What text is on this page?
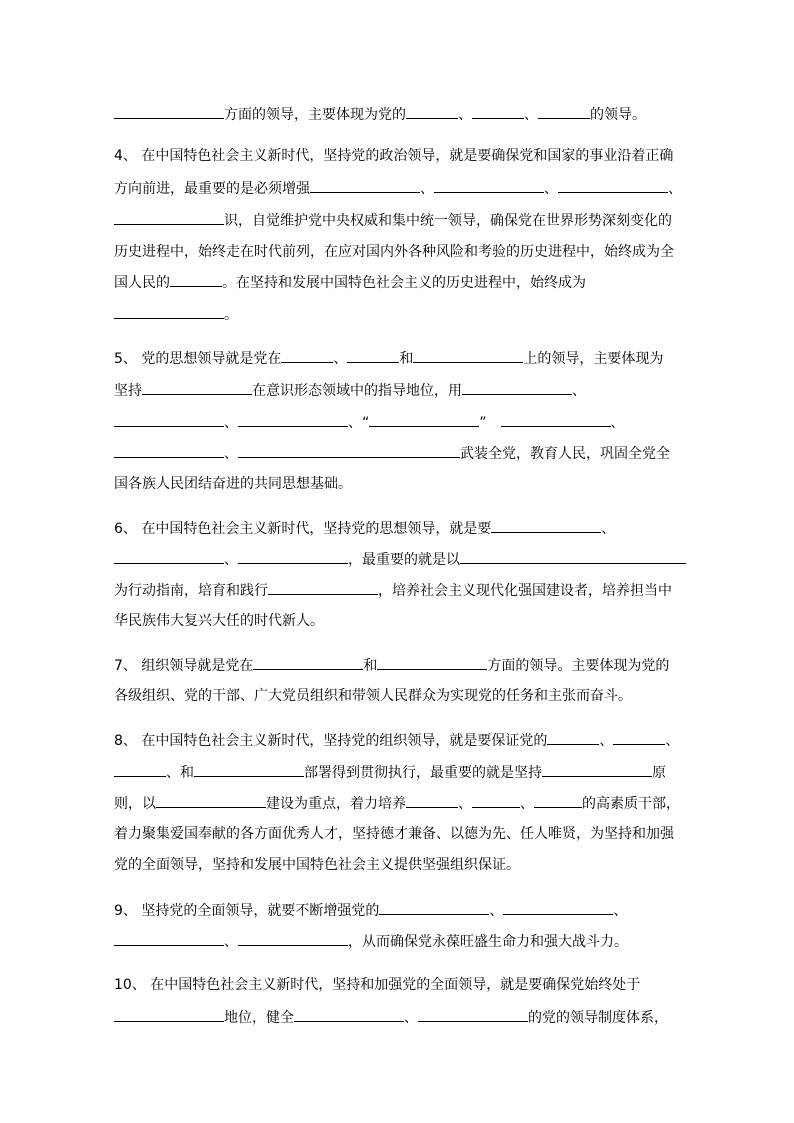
方面的领导，主要体现为党的	、	、	的领导。
4、 在中国特色社会主义新时代，坚持党的政治领导，就是要确保党和国家的事业沿着正确
方向前进，最重要的是必须增强	、	、	、
识，自觉维护党中央权威和集中统一领导，确保党在世界形势深刻变化的
历史进程中，始终走在时代前列，在应对国内外各种风险和考验的历史进程中，始终成为全
国人民的	。在坚持和发展中国特色社会主义的历史进程中，始终成为
。
5、 党的思想领导就是党在	、	和	上的领导，主要体现为
坚持	在意识形态领域中的指导地位，用	、
、	、“	”	、
、	武装全党，教育人民，巩固全党全
国各族人民团结奋进的共同思想基础。
6、 在中国特色社会主义新时代，坚持党的思想领导，就是要	、
、	，最重要的就是以
为行动指南，培育和践行	，培养社会主义现代化强国建设者，培养担当中
华民族伟大复兴大任的时代新人。
7、 组织领导就是党在	和	方面的领导。主要体现为党的
各级组织、党的干部、广大党员组织和带领人民群众为实现党的任务和主张而奋斗。
8、 在中国特色社会主义新时代，坚持党的组织领导，就是要保证党的	、	、
、和	部署得到贯彻执行，最重要的就是坚持	原
则，以	建设为重点，着力培养	、	、	的高素质干部，
着力聚集爱国奉献的各方面优秀人才，坚持德才兼备、以德为先、任人唯贤，为坚持和加强
党的全面领导，坚持和发展中国特色社会主义提供坚强组织保证。
9、 坚持党的全面领导，就要不断增强党的	、	、
、	，从而确保党永葆旺盛生命力和强大战斗力。
10、 在中国特色社会主义新时代，坚持和加强党的全面领导，就是要确保党始终处于
地位，健全	、	的党的领导制度体系，
